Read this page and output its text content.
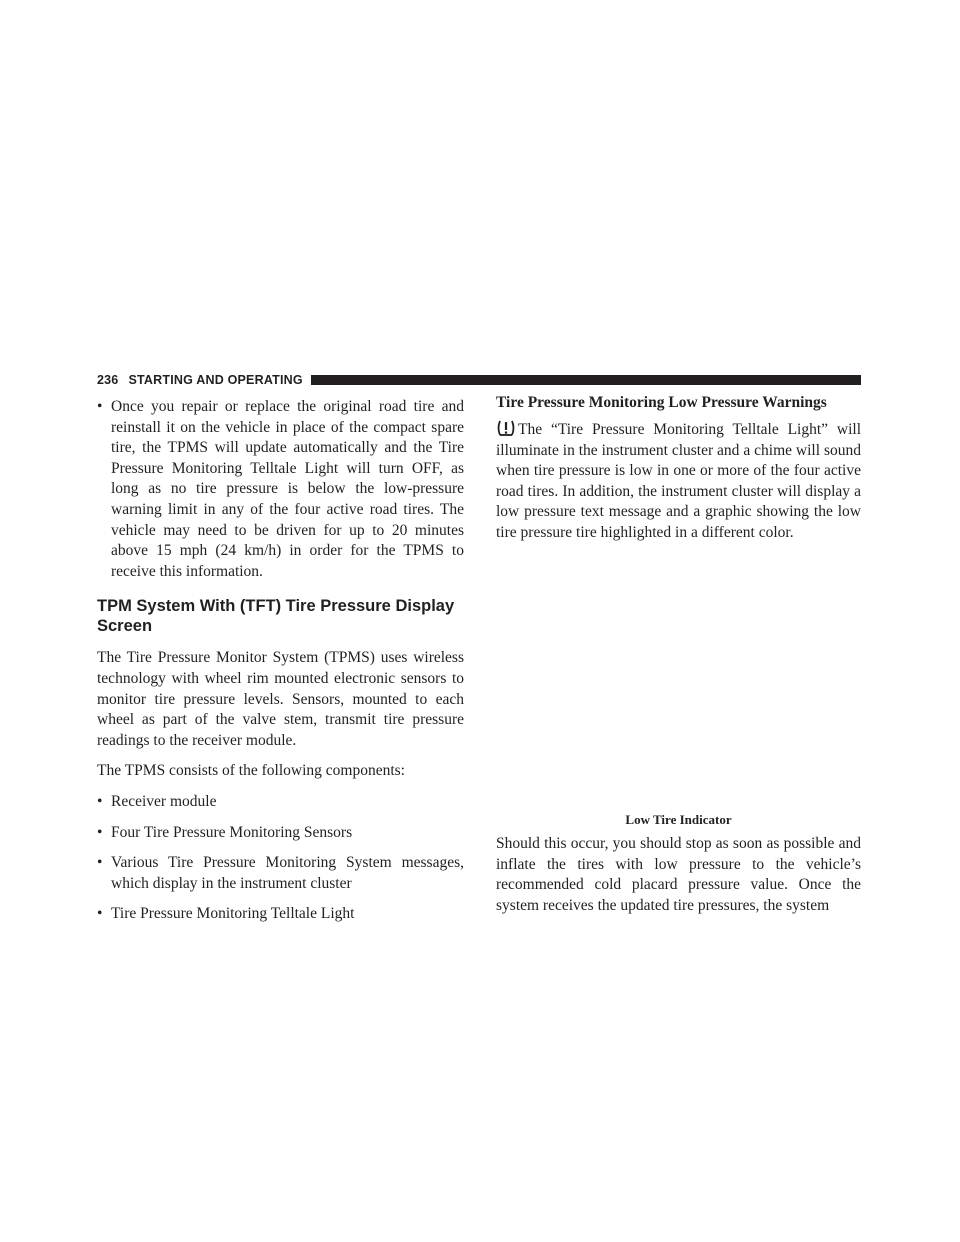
236 STARTING AND OPERATING
• Once you repair or replace the original road tire and reinstall it on the vehicle in place of the compact spare tire, the TPMS will update automatically and the Tire Pressure Monitoring Telltale Light will turn OFF, as long as no tire pressure is below the low-pressure warning limit in any of the four active road tires. The vehicle may need to be driven for up to 20 minutes above 15 mph (24 km/h) in order for the TPMS to receive this information.
TPM System With (TFT) Tire Pressure Display Screen

The Tire Pressure Monitor System (TPMS) uses wireless technology with wheel rim mounted electronic sensors to monitor tire pressure levels. Sensors, mounted to each wheel as part of the valve stem, transmit tire pressure readings to the receiver module.

The TPMS consists of the following components:

• Receiver module
• Four Tire Pressure Monitoring Sensors
• Various Tire Pressure Monitoring System messages, which display in the instrument cluster
• Tire Pressure Monitoring Telltale Light
Tire Pressure Monitoring Low Pressure Warnings

The “Tire Pressure Monitoring Telltale Light” will illuminate in the instrument cluster and a chime will sound when tire pressure is low in one or more of the four active road tires. In addition, the instrument cluster will display a low pressure text message and a graphic showing the low tire pressure tire highlighted in a different color.

Low Tire Indicator

Should this occur, you should stop as soon as possible and inflate the tires with low pressure to the vehicle’s recommended cold placard pressure value. Once the system receives the updated tire pressures, the system
